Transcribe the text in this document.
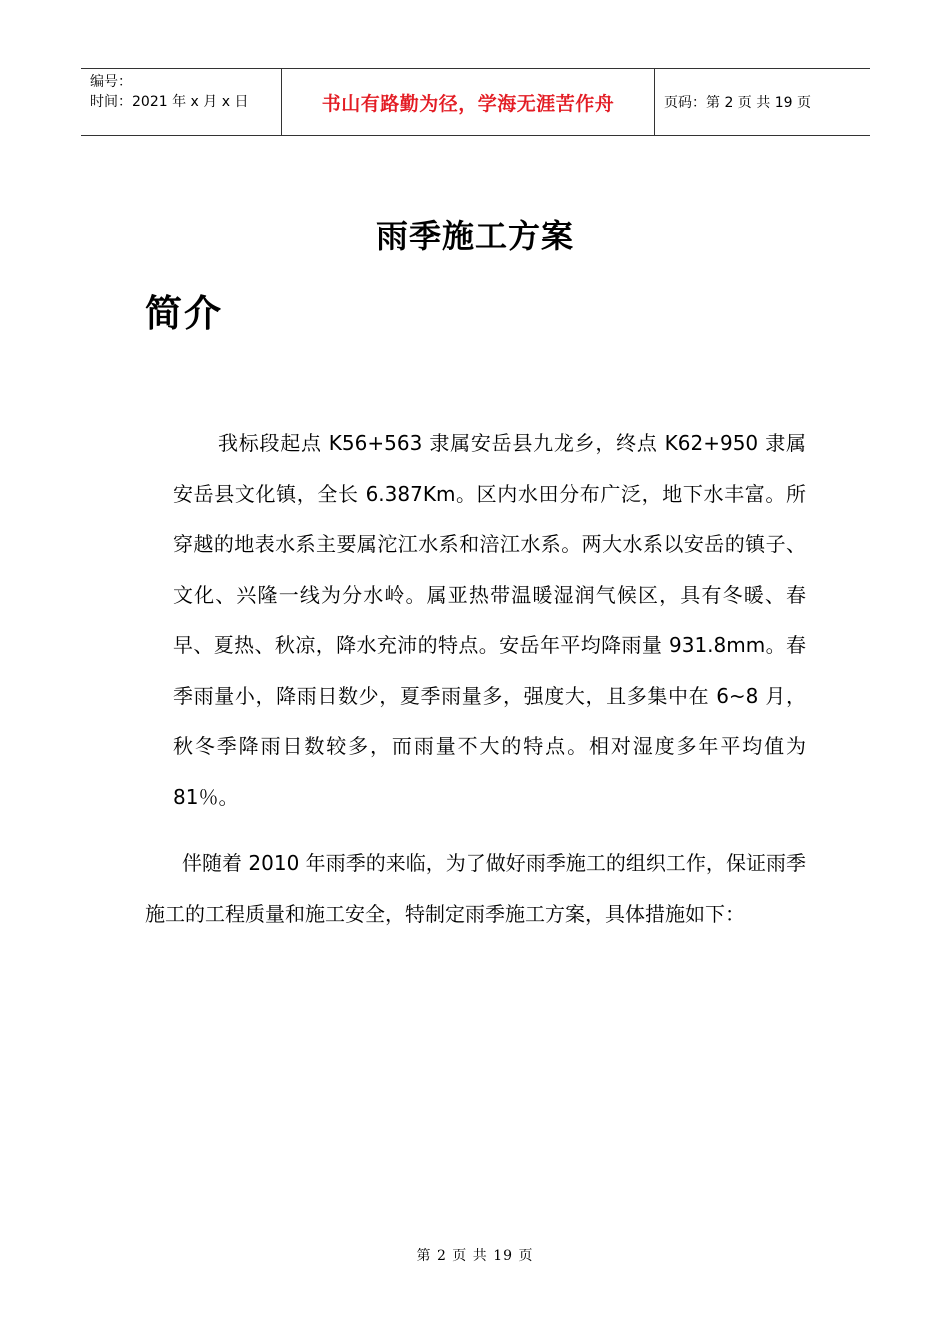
编号：
时间：2021 年 x 月 x 日	书山有路勤为径，学海无涯苦作舟	页码：第 2 页 共 19 页
雨季施工方案
简介

我标段起点 K56+563 隶属安岳县九龙乡，终点 K62+950 隶属安岳县文化镇，全长 6.387Km。区内水田分布广泛，地下水丰富。所穿越的地表水系主要属沱江水系和涪江水系。两大水系以安岳的镇子、文化、兴隆一线为分水岭。属亚热带温暖湿润气候区，具有冬暖、春早、夏热、秋凉，降水充沛的特点。安岳年平均降雨量 931.8mm。春季雨量小，降雨日数少，夏季雨量多，强度大，且多集中在 6~8 月，秋冬季降雨日数较多，而雨量不大的特点。相对湿度多年平均值为 81％。

伴随着 2010 年雨季的来临，为了做好雨季施工的组织工作，保证雨季施工的工程质量和施工安全，特制定雨季施工方案，具体措施如下：

第 2 页 共 19 页
